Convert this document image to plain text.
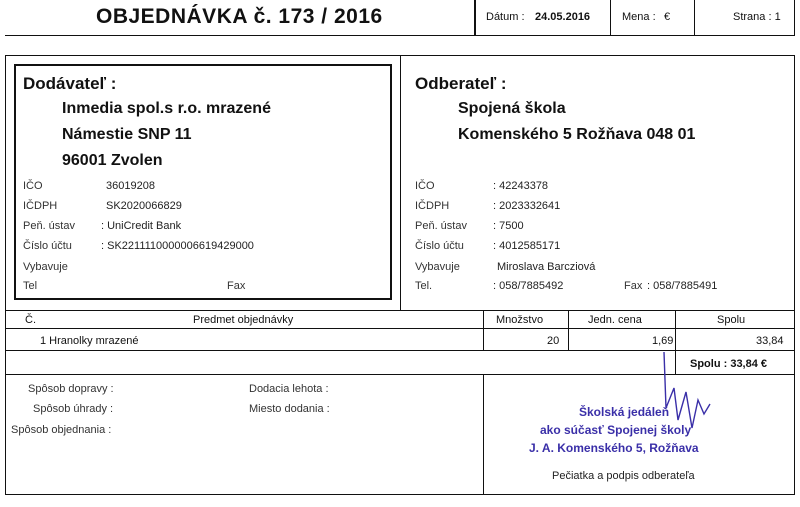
OBJEDNÁVKA č. 173 / 2016	Dátum : 24.05.2016	Mena : €	Strana : 1
Dodávateľ :
Inmedia spol.s r.o. mrazené
Námestie SNP 11
96001 Zvolen
IČO	36019208
IČDPH	SK2020066829
Peň. ústav : UniCredit Bank
Číslo účtu	: SK2211110000006619429000
Vybavuje
Tel	Fax
Odberateľ :
Spojená škola
Komenského 5 Rožňava 048 01
IČO	: 42243378
IČDPH	: 2023332641
Peň. ústav : 7500
Číslo účtu	: 4012585171
Vybavuje	Miroslava Barcziová
Tel.	: 058/7885492	Fax : 058/7885491
Č.	Predmet objednávky	Množstvo	Jedn. cena	Spolu
1 Hranolky mrazené	20	1,69	33,84
Spolu : 33,84 €
Spôsob dopravy :
Spôsob úhrady :
Spôsob objednania :
Dodacia lehota :
Miesto dodania :	Školská jedáleň
ako súčasť Spojenej školy
J. A. Komenského 5, Rožňava
Pečiatka a podpis odberateľa
